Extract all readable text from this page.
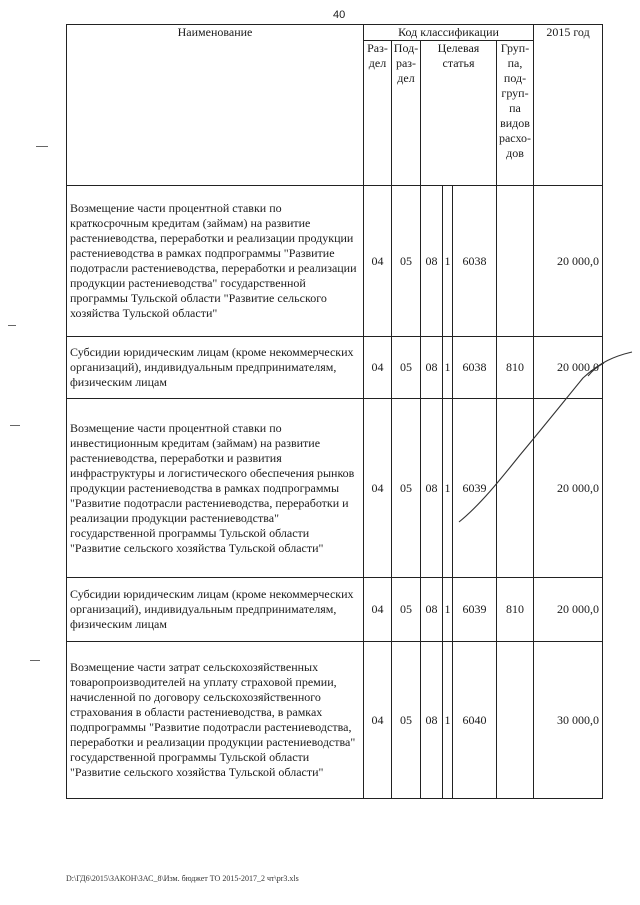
40
Наименование	Код классификации						2015 год
	Раз-дел	Под-раз-дел	Целевая статья			Груп-па, под-груп-па видов расхо-дов	
Возмещение части процентной ставки по краткосрочным кредитам (займам) на развитие растениеводства, переработки и реализации продукции растениеводства в рамках подпрограммы "Развитие подотрасли растениеводства, переработки и реализации продукции растениеводства" государственной программы Тульской области "Развитие сельского хозяйства Тульской области"	04	05	08	1	6038		20 000,0
Субсидии юридическим лицам (кроме некоммерческих организаций), индивидуальным предпринимателям, физическим лицам	04	05	08	1	6038	810	20 000,0
Возмещение части процентной ставки по инвестиционным кредитам (займам) на развитие растениеводства, переработки и развития инфраструктуры и логистического обеспечения рынков продукции растениеводства в рамках подпрограммы "Развитие подотрасли растениеводства, переработки и реализации продукции растениеводства" государственной программы Тульской области "Развитие сельского хозяйства Тульской области"	04	05	08	1	6039		20 000,0
Субсидии юридическим лицам (кроме некоммерческих организаций), индивидуальным предпринимателям, физическим лицам	04	05	08	1	6039	810	20 000,0
Возмещение части затрат сельскохозяйственных товаропроизводителей на уплату страховой премии, начисленной по договору сельскохозяйственного страхования в области растениеводства, в рамках подпрограммы "Развитие подотрасли растениеводства, переработки и реализации продукции растениеводства" государственной программы Тульской области "Развитие сельского хозяйства Тульской области"	04	05	08	1	6040		30 000,0
D:\ГД6\2015\ЗАКОН\ЗАС_8\Изм. бюджет ТО 2015-2017_2 чт\pr3.xls
